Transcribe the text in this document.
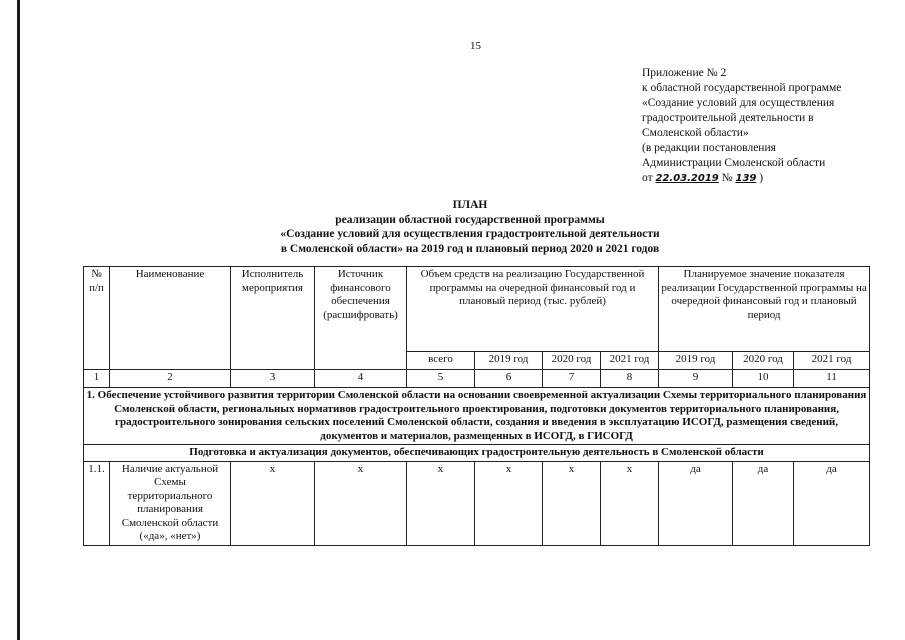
15
Приложение № 2
к областной государственной программе
«Создание условий для осуществления
градостроительной деятельности в
Смоленской области»
(в редакции постановления
Администрации Смоленской области
от 22.03.2019 № 139 )
ПЛАН
реализации областной государственной программы
«Создание условий для осуществления градостроительной деятельности
в Смоленской области» на 2019 год и плановый период 2020 и 2021 годов
№ п/п	Наименование	Исполнитель мероприятия	Источник финансового обеспечения (расшифровать)	Объем средств на реализацию Государственной программы на очередной финансовый год и плановый период (тыс. рублей)				Планируемое значение показателя реализации Государственной программы на очередной финансовый год и плановый период		
				всего	2019 год	2020 год	2021 год	2019 год	2020 год	2021 год
1	2	3	4	5	6	7	8	9	10	11
1. Обеспечение устойчивого развития территории Смоленской области на основании своевременной актуализации Схемы территориального планирования Смоленской области, региональных нормативов градостроительного проектирования, подготовки документов территориального планирования, градостроительного зонирования сельских поселений Смоленской области, создания и введения в эксплуатацию ИСОГД, размещения сведений, документов и материалов, размещенных в ИСОГД, в ГИСОГД										
Подготовка и актуализация документов, обеспечивающих градостроительную деятельность в Смоленской области										
1.1.	Наличие актуальной Схемы территориального планирования Смоленской области («да», «нет»)	х	х	х	х	х	х	да	да	да
